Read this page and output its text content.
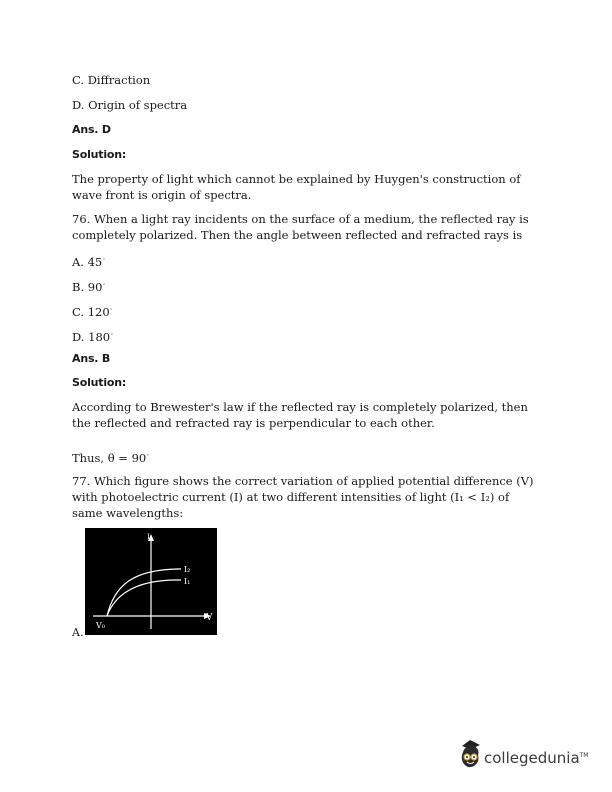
C. Diffraction
D. Origin of spectra
Ans. D
Solution:
The property of light which cannot be explained by Huygen's construction of wave front is origin of spectra.
76. When a light ray incidents on the surface of a medium, the reflected ray is completely polarized. Then the angle between reflected and refracted rays is
A. 45◦
B. 90◦
C. 120◦
D. 180◦
Ans. B
Solution:
According to Brewester's law if the reflected ray is completely polarized, then the reflected and refracted ray is perpendicular to each other.
Thus, θ = 90◦
77. Which figure shows the correct variation of applied potential difference (V) with photoelectric current (I) at two different intensities of light (I₁ < I₂) of same wavelengths:
I
I₂
I₁
V
V₀
A.
collegedunia™
